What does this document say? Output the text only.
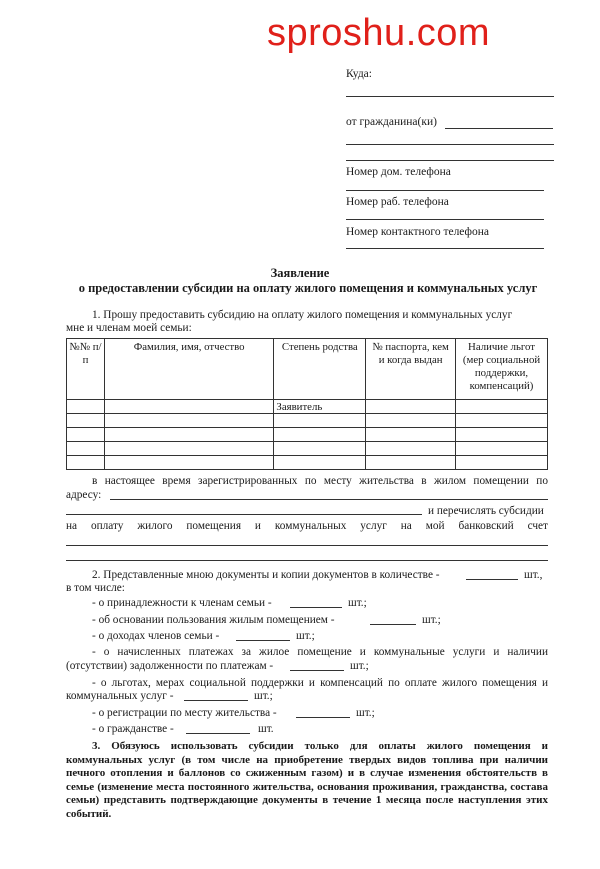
sproshu.com
Куда:
от гражданина(ки)
Номер дом. телефона
Номер раб. телефона
Номер контактного телефона
Заявление
о предоставлении субсидии на оплату жилого помещения и коммунальных услуг
1. Прошу предоставить субсидию на оплату жилого помещения и коммунальных услуг
мне и членам моей семьи:
№№ п/п	Фамилия, имя, отчество	Степень родства	№ паспорта, кем и когда выдан	Наличие льгот (мер социальной поддержки, компенсаций)
		Заявитель		

в настоящее время зарегистрированных по месту жительства в жилом помещении по
адресу:
и перечислять субсидии
на оплату жилого помещения и коммунальных услуг на мой банковский счет
2. Представленные мною документы и копии документов в количестве -	шт.,
в том числе:
- о принадлежности к членам семьи -	шт.;
- об основании пользования жилым помещением -	шт.;
- о доходах членов семьи -	шт.;
- о начисленных платежах за жилое помещение и коммунальные услуги и наличии
(отсутствии) задолженности по платежам -	шт.;
- о льготах, мерах социальной поддержки и компенсаций по оплате жилого помещения и
коммунальных услуг -	шт.;
- о регистрации по месту жительства -	шт.;
- о гражданстве -	шт.
3. Обязуюсь использовать субсидии только для оплаты жилого помещения и коммунальных услуг (в том числе на приобретение твердых видов топлива при наличии печного отопления и баллонов со сжиженным газом) и в случае изменения обстоятельств в семье (изменение места постоянного жительства, основания проживания, гражданства, состава семьи) представить подтверждающие документы в течение 1 месяца после наступления этих событий.
